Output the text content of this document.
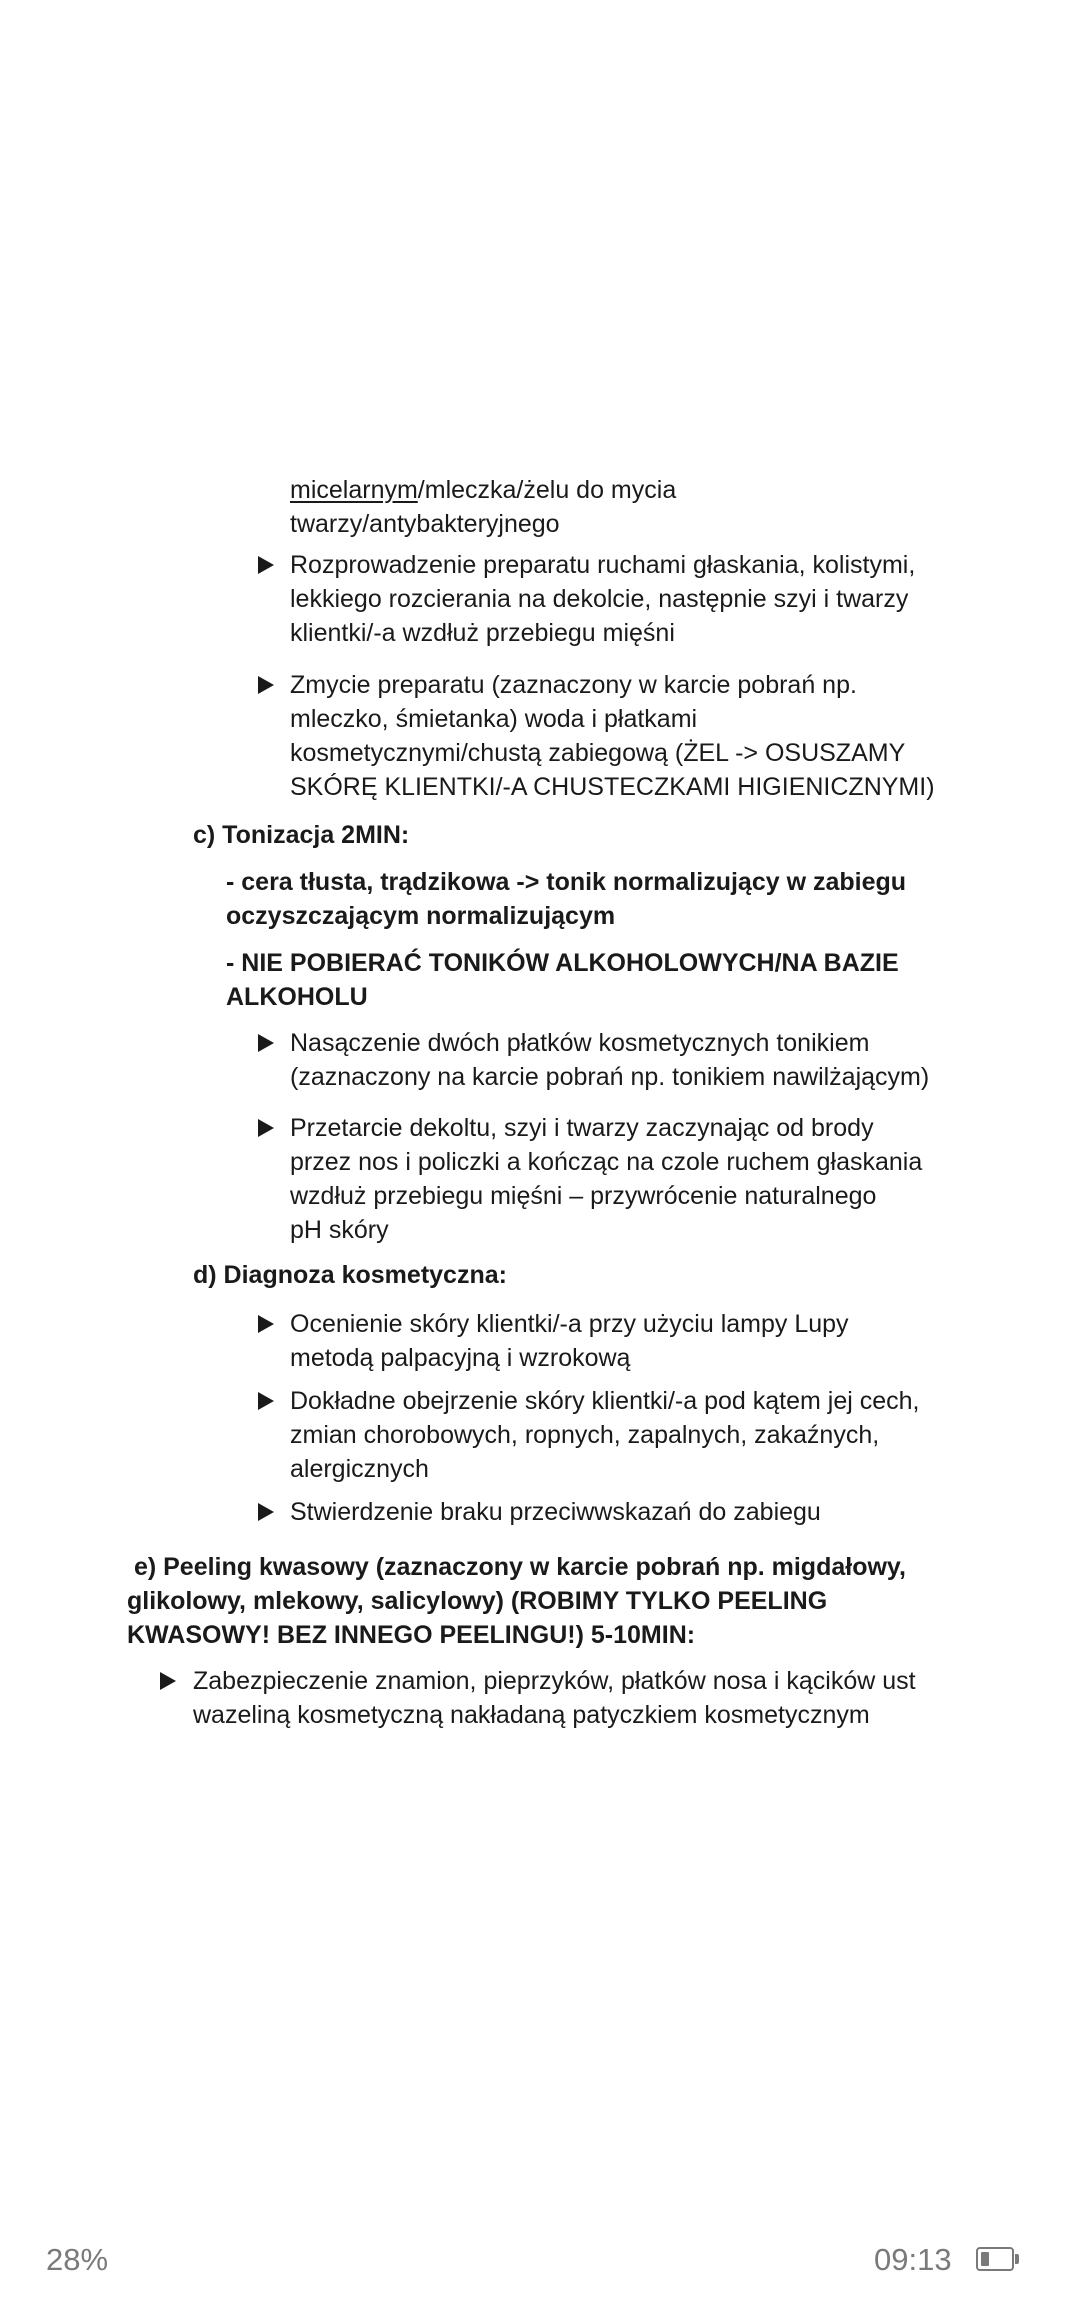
micelarnym/mleczka/żelu do mycia
twarzy/antybakteryjnego
Rozprowadzenie preparatu ruchami głaskania, kolistymi,
lekkiego rozcierania na dekolcie, następnie szyi i twarzy
klientki/-a wzdłuż przebiegu mięśni
Zmycie preparatu (zaznaczony w karcie pobrań np.
mleczko, śmietanka) woda i płatkami
kosmetycznymi/chustą zabiegową (ŻEL -> OSUSZAMY
SKÓRĘ KLIENTKI/-A CHUSTECZKAMI HIGIENICZNYMI)
c) Tonizacja 2MIN:
- cera tłusta, trądzikowa -> tonik normalizujący w zabiegu
oczyszczającym normalizującym
- NIE POBIERAĆ TONIKÓW ALKOHOLOWYCH/NA BAZIE
ALKOHOLU
Nasączenie dwóch płatków kosmetycznych tonikiem
(zaznaczony na karcie pobrań np. tonikiem nawilżającym)
Przetarcie dekoltu, szyi i twarzy zaczynając od brody
przez nos i policzki a kończąc na czole ruchem głaskania
wzdłuż przebiegu mięśni – przywrócenie naturalnego
pH skóry
d) Diagnoza kosmetyczna:
Ocenienie skóry klientki/-a przy użyciu lampy Lupy
metodą palpacyjną i wzrokową
Dokładne obejrzenie skóry klientki/-a pod kątem jej cech,
zmian chorobowych, ropnych, zapalnych, zakaźnych,
alergicznych
Stwierdzenie braku przeciwwskazań do zabiegu
e) Peeling kwasowy (zaznaczony w karcie pobrań np. migdałowy,
glikolowy, mlekowy, salicylowy) (ROBIMY TYLKO PEELING
KWASOWY! BEZ INNEGO PEELINGU!) 5-10MIN:
Zabezpieczenie znamion, pieprzyków, płatków nosa i kącików ust
wazeliną kosmetyczną nakładaną patyczkiem kosmetycznym
28%	09:13
